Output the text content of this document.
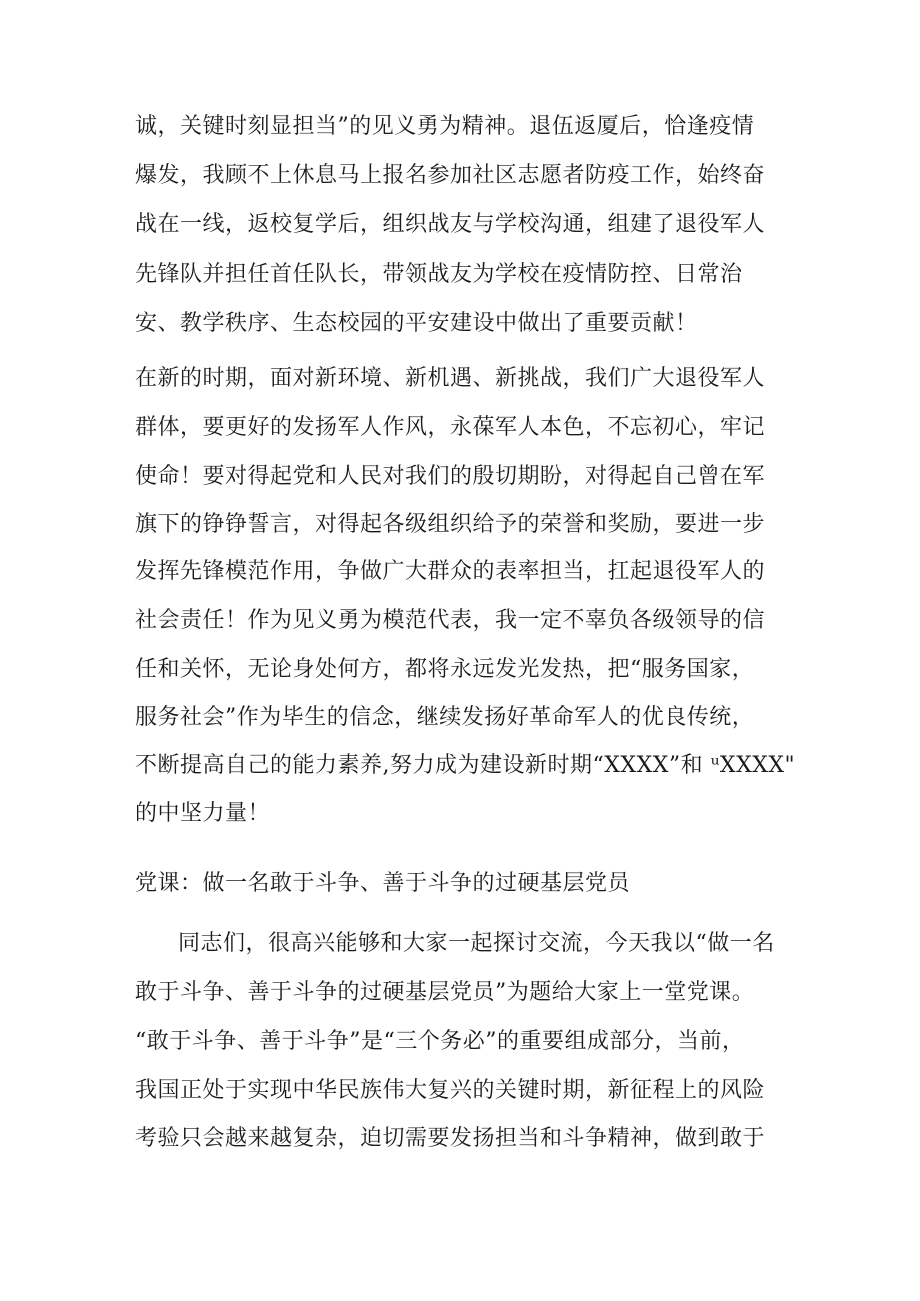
诚，关键时刻显担当”的见义勇为精神。退伍返厦后，恰逢疫情
爆发，我顾不上休息马上报名参加社区志愿者防疫工作，始终奋
战在一线，返校复学后，组织战友与学校沟通，组建了退役军人
先锋队并担任首任队长，带领战友为学校在疫情防控、日常治
安、教学秩序、生态校园的平安建设中做出了重要贡献！
在新的时期，面对新环境、新机遇、新挑战，我们广大退役军人
群体，要更好的发扬军人作风，永葆军人本色，不忘初心，牢记
使命！要对得起党和人民对我们的殷切期盼，对得起自己曾在军
旗下的铮铮誓言，对得起各级组织给予的荣誉和奖励，要进一步
发挥先锋模范作用，争做广大群众的表率担当，扛起退役军人的
社会责任！作为见义勇为模范代表，我一定不辜负各级领导的信
任和关怀，无论身处何方，都将永远发光发热，把“服务国家，
服务社会”作为毕生的信念，继续发扬好革命军人的优良传统，
不断提高自己的能力素养,努力成为建设新时期“XXXX”和 ᵘXXXX"
的中坚力量！
党课：做一名敢于斗争、善于斗争的过硬基层党员
同志们，很高兴能够和大家一起探讨交流，今天我以“做一名
敢于斗争、善于斗争的过硬基层党员”为题给大家上一堂党课。
“敢于斗争、善于斗争”是“三个务必”的重要组成部分，当前，
我国正处于实现中华民族伟大复兴的关键时期，新征程上的风险
考验只会越来越复杂，迫切需要发扬担当和斗争精神，做到敢于
